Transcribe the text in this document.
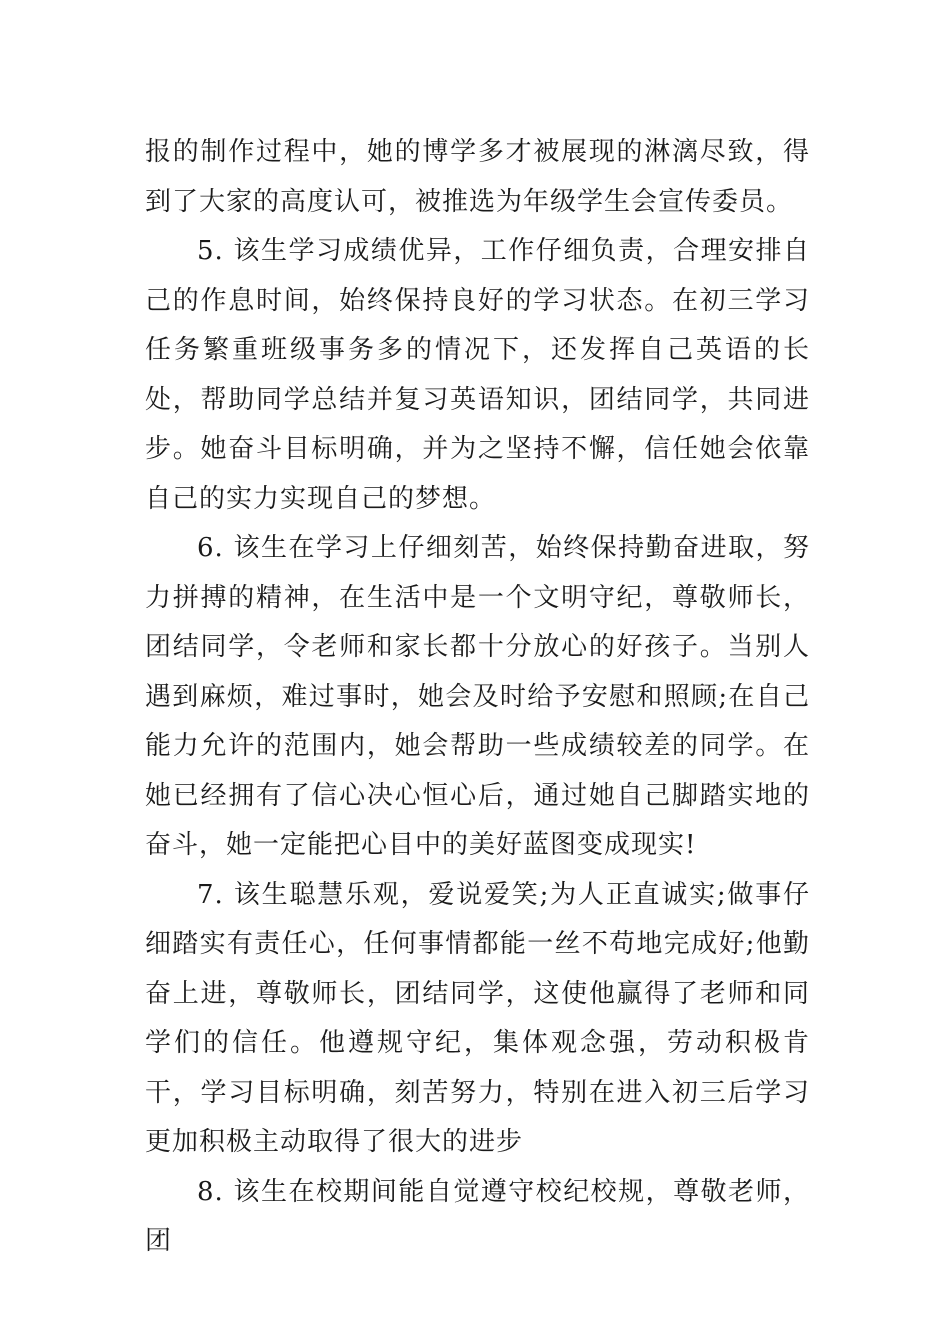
报的制作过程中，她的博学多才被展现的淋漓尽致，得到了大家的高度认可，被推选为年级学生会宣传委员。

5. 该生学习成绩优异，工作仔细负责，合理安排自己的作息时间，始终保持良好的学习状态。在初三学习任务繁重班级事务多的情况下，还发挥自己英语的长处，帮助同学总结并复习英语知识，团结同学，共同进步。她奋斗目标明确，并为之坚持不懈，信任她会依靠自己的实力实现自己的梦想。

6. 该生在学习上仔细刻苦，始终保持勤奋进取，努力拼搏的精神，在生活中是一个文明守纪，尊敬师长，团结同学，令老师和家长都十分放心的好孩子。当别人遇到麻烦，难过事时，她会及时给予安慰和照顾;在自己能力允许的范围内，她会帮助一些成绩较差的同学。在她已经拥有了信心决心恒心后，通过她自己脚踏实地的奋斗，她一定能把心目中的美好蓝图变成现实!

7. 该生聪慧乐观，爱说爱笑;为人正直诚实;做事仔细踏实有责任心，任何事情都能一丝不苟地完成好;他勤奋上进，尊敬师长，团结同学，这使他赢得了老师和同学们的信任。他遵规守纪，集体观念强，劳动积极肯干，学习目标明确，刻苦努力，特别在进入初三后学习更加积极主动取得了很大的进步

8. 该生在校期间能自觉遵守校纪校规，尊敬老师，团
